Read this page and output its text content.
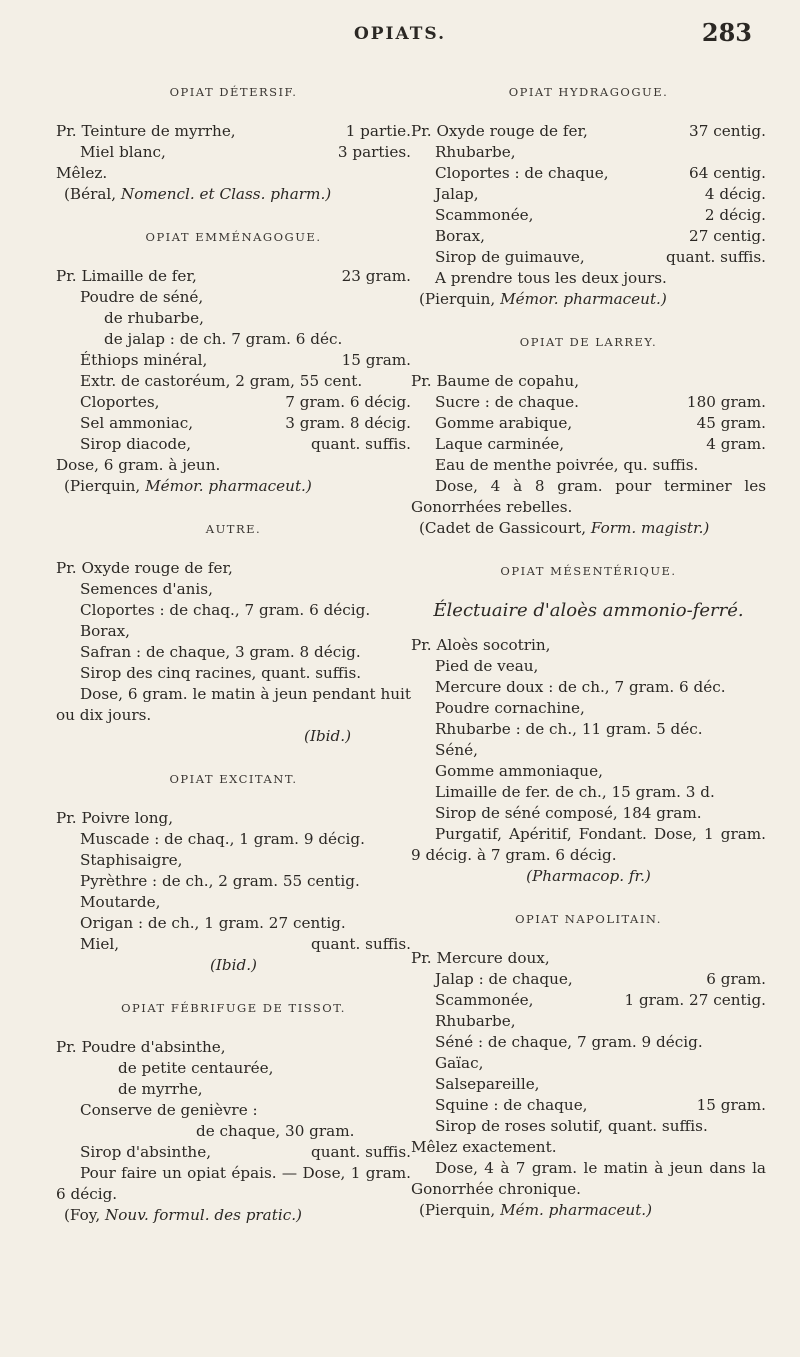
OPIATS.	283
OPIAT DÉTERSIF.
Pr. Teinture de myrrhe,	1 partie.
Miel blanc,	3 parties.
Mêlez.
(Béral, Nomencl. et Class. pharm.)
OPIAT EMMÉNAGOGUE.
Pr. Limaille de fer,	23 gram.
Poudre de séné,
de rhubarbe,
de jalap : de ch. 7 gram. 6 déc.
Éthiops minéral,	15 gram.
Extr. de castoréum, 2 gram, 55 cent.
Cloportes,	7 gram. 6 décig.
Sel ammoniac,	3 gram. 8 décig.
Sirop diacode,	quant. suffis.
Dose, 6 gram. à jeun.
(Pierquin, Mémor. pharmaceut.)
AUTRE.
Pr. Oxyde rouge de fer,
Semences d'anis,
Cloportes : de chaq., 7 gram. 6 décig.
Borax,
Safran : de chaque, 3 gram. 8 décig.
Sirop des cinq racines, quant. suffis.
Dose, 6 gram. le matin à jeun pendant huit ou dix jours.
(Ibid.)
OPIAT EXCITANT.
Pr. Poivre long,
Muscade : de chaq., 1 gram. 9 décig.
Staphisaigre,
Pyrèthre : de ch., 2 gram. 55 centig.
Moutarde,
Origan : de ch., 1 gram. 27 centig.
Miel,	quant. suffis.
(Ibid.)
OPIAT FÉBRIFUGE DE TISSOT.
Pr. Poudre d'absinthe,
de petite centaurée,
de myrrhe,
Conserve de genièvre :
de chaque, 30 gram.
Sirop d'absinthe,	quant. suffis.
Pour faire un opiat épais. — Dose, 1 gram. 6 décig.
(Foy, Nouv. formul. des pratic.)
OPIAT HYDRAGOGUE.
Pr. Oxyde rouge de fer,	37 centig.
Rhubarbe,
Cloportes : de chaque,	64 centig.
Jalap,	4 décig.
Scammonée,	2 décig.
Borax,	27 centig.
Sirop de guimauve,	quant. suffis.
A prendre tous les deux jours.
(Pierquin, Mémor. pharmaceut.)
OPIAT DE LARREY.
Pr. Baume de copahu,
Sucre : de chaque.	180 gram.
Gomme arabique,	45 gram.
Laque carminée,	4 gram.
Eau de menthe poivrée, qu. suffis.
Dose, 4 à 8 gram. pour terminer les Gonorrhées rebelles.
(Cadet de Gassicourt, Form. magistr.)
OPIAT MÉSENTÉRIQUE.
Électuaire d'aloès ammonio-ferré.
Pr. Aloès socotrin,
Pied de veau,
Mercure doux : de ch., 7 gram. 6 déc.
Poudre cornachine,
Rhubarbe : de ch., 11 gram. 5 déc.
Séné,
Gomme ammoniaque,
Limaille de fer. de ch., 15 gram. 3 d.
Sirop de séné composé, 184 gram.
Purgatif, Apéritif, Fondant. Dose, 1 gram. 9 décig. à 7 gram. 6 décig.
(Pharmacop. fr.)
OPIAT NAPOLITAIN.
Pr. Mercure doux,
Jalap : de chaque,	6 gram.
Scammonée,	1 gram. 27 centig.
Rhubarbe,
Séné : de chaque, 7 gram. 9 décig.
Gaïac,
Salsepareille,
Squine : de chaque,	15 gram.
Sirop de roses solutif, quant. suffis.
Mêlez exactement.
Dose, 4 à 7 gram. le matin à jeun dans la Gonorrhée chronique.
(Pierquin, Mém. pharmaceut.)
